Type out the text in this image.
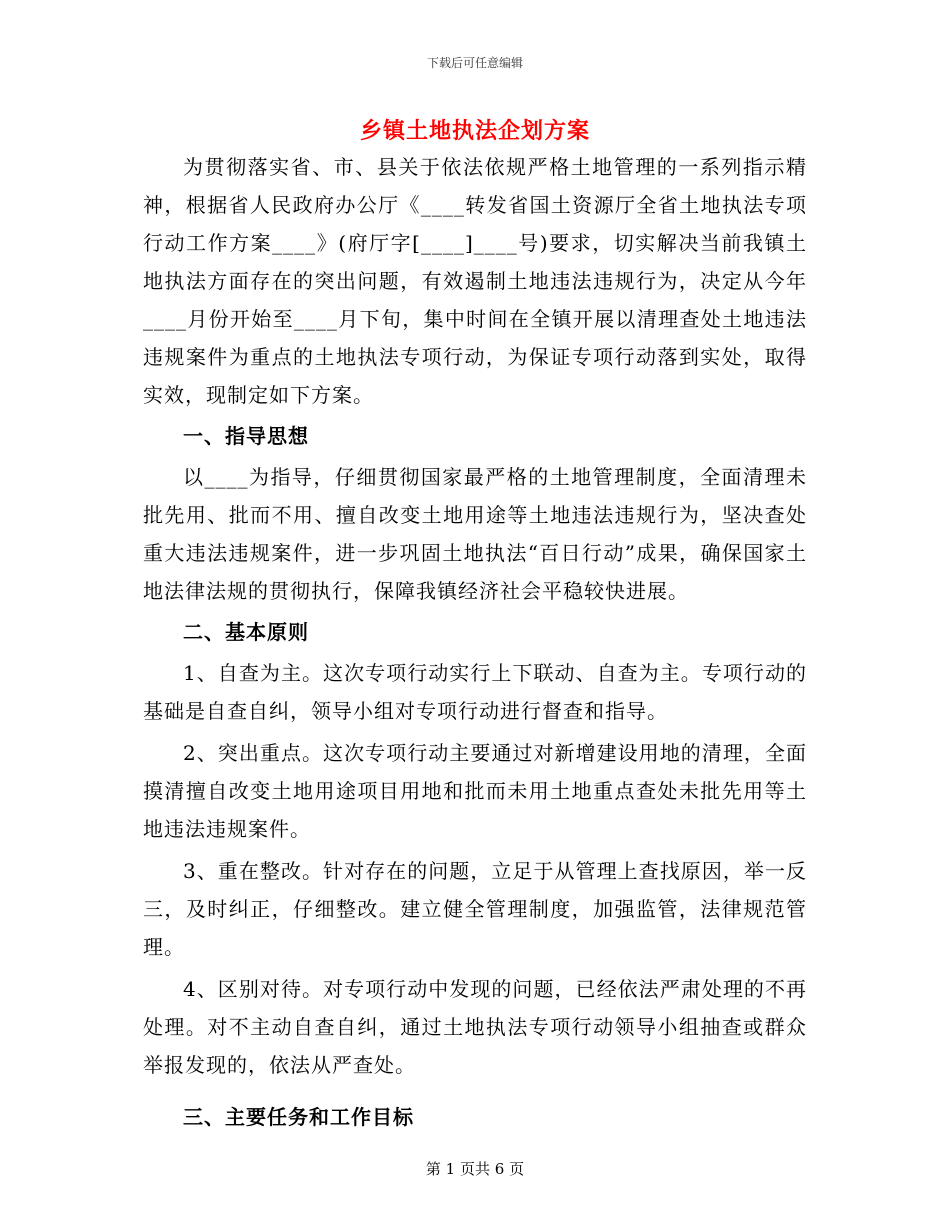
下载后可任意编辑
乡镇土地执法企划方案

为贯彻落实省、市、县关于依法依规严格土地管理的一系列指示精神，根据省人民政府办公厅《____转发省国土资源厅全省土地执法专项行动工作方案____》(府厅字[____]____号)要求，切实解决当前我镇土地执法方面存在的突出问题，有效遏制土地违法违规行为，决定从今年____月份开始至____月下旬，集中时间在全镇开展以清理查处土地违法违规案件为重点的土地执法专项行动，为保证专项行动落到实处，取得实效，现制定如下方案。

一、指导思想

以____为指导，仔细贯彻国家最严格的土地管理制度，全面清理未批先用、批而不用、擅自改变土地用途等土地违法违规行为，坚决查处重大违法违规案件，进一步巩固土地执法“百日行动”成果，确保国家土地法律法规的贯彻执行，保障我镇经济社会平稳较快进展。

二、基本原则

1、自查为主。这次专项行动实行上下联动、自查为主。专项行动的基础是自查自纠，领导小组对专项行动进行督查和指导。

2、突出重点。这次专项行动主要通过对新增建设用地的清理，全面摸清擅自改变土地用途项目用地和批而未用土地重点查处未批先用等土地违法违规案件。

3、重在整改。针对存在的问题，立足于从管理上查找原因，举一反三，及时纠正，仔细整改。建立健全管理制度，加强监管，法律规范管理。

4、区别对待。对专项行动中发现的问题，已经依法严肃处理的不再处理。对不主动自查自纠，通过土地执法专项行动领导小组抽查或群众举报发现的，依法从严查处。

三、主要任务和工作目标

第 1 页共 6 页
